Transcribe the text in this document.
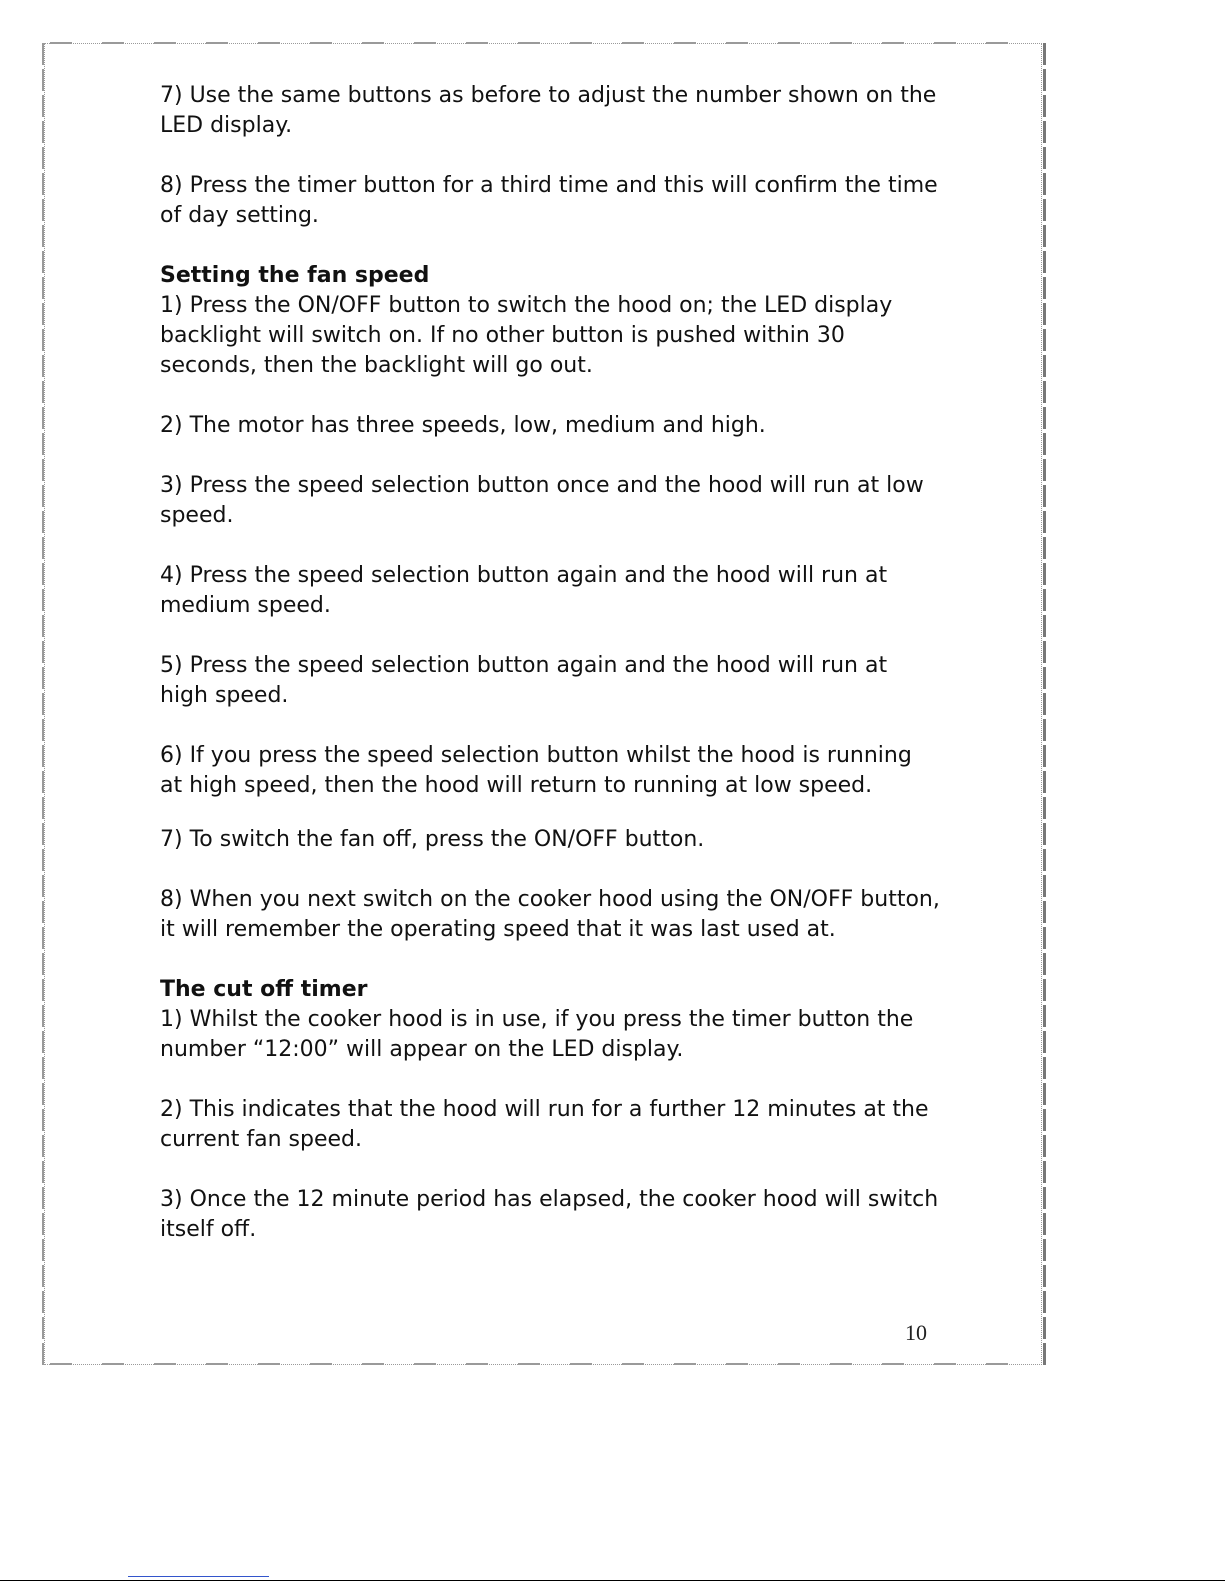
7) Use the same buttons as before to adjust the number shown on the LED display.

8) Press the timer button for a third time and this will confirm the time of day setting.

Setting the fan speed

1) Press the ON/OFF button to switch the hood on; the LED display backlight will switch on. If no other button is pushed within 30 seconds, then the backlight will go out.

2) The motor has three speeds, low, medium and high.

3) Press the speed selection button once and the hood will run at low speed.

4) Press the speed selection button again and the hood will run at medium speed.

5) Press the speed selection button again and the hood will run at high speed.

6) If you press the speed selection button whilst the hood is running at high speed, then the hood will return to running at low speed.

7) To switch the fan off, press the ON/OFF button.

8) When you next switch on the cooker hood using the ON/OFF button, it will remember the operating speed that it was last used at.

The cut off timer

1) Whilst the cooker hood is in use, if you press the timer button the number “12:00” will appear on the LED display.

2) This indicates that the hood will run for a further 12 minutes at the current fan speed.

3) Once the 12 minute period has elapsed, the cooker hood will switch itself off.

10
